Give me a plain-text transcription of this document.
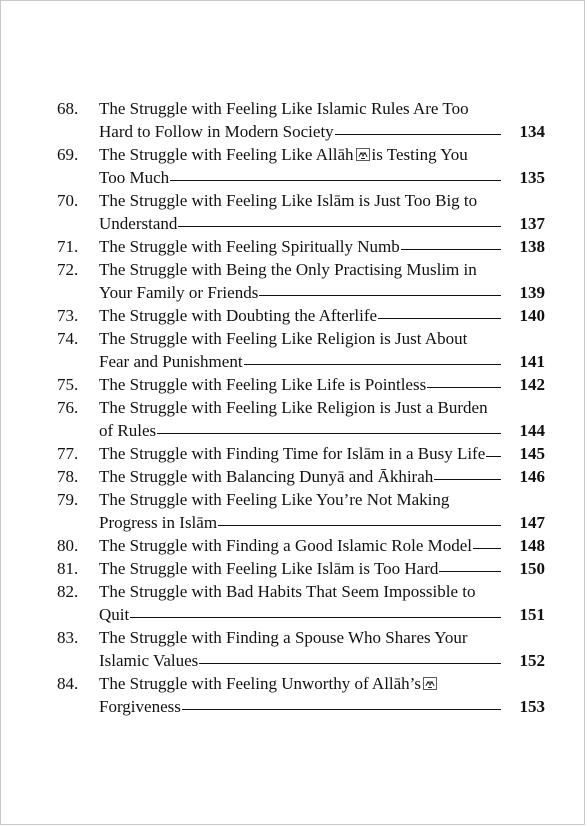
68.	The Struggle with Feeling Like Islamic Rules Are Too
Hard to Follow in Modern Society	134
69.	The Struggle with Feeling Like Allāh is Testing You
Too Much	135
70.	The Struggle with Feeling Like Islām is Just Too Big to
Understand	137
71.	The Struggle with Feeling Spiritually Numb	138
72.	The Struggle with Being the Only Practising Muslim in
Your Family or Friends	139
73.	The Struggle with Doubting the Afterlife	140
74.	The Struggle with Feeling Like Religion is Just About
Fear and Punishment	141
75.	The Struggle with Feeling Like Life is Pointless	142
76.	The Struggle with Feeling Like Religion is Just a Burden
of Rules	144
77.	The Struggle with Finding Time for Islām in a Busy Life	145
78.	The Struggle with Balancing Dunyā and Ākhirah	146
79.	The Struggle with Feeling Like You’re Not Making
Progress in Islām	147
80.	The Struggle with Finding a Good Islamic Role Model	148
81.	The Struggle with Feeling Like Islām is Too Hard	150
82.	The Struggle with Bad Habits That Seem Impossible to
Quit	151
83.	The Struggle with Finding a Spouse Who Shares Your
Islamic Values	152
84.	The Struggle with Feeling Unworthy of Allāh’s
Forgiveness	153
